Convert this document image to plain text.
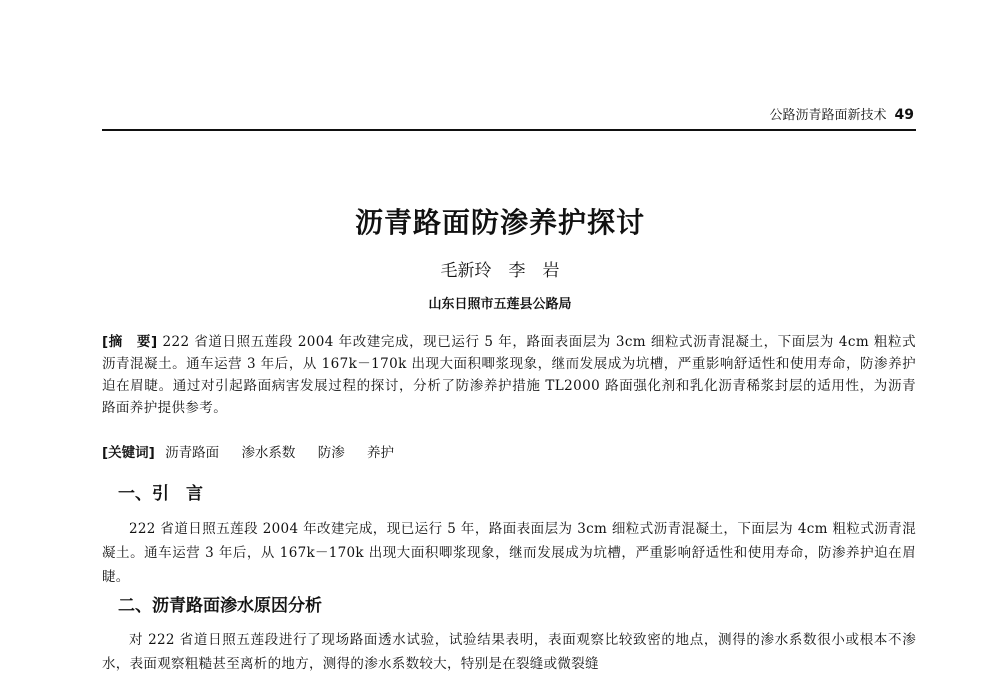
公路沥青路面新技术 49
沥青路面防渗养护探讨
毛新玲　李　岩
山东日照市五莲县公路局
[摘　要] 222 省道日照五莲段 2004 年改建完成，现已运行 5 年，路面表面层为 3cm 细粒式沥青混凝土，下面层为 4cm 粗粒式沥青混凝土。通车运营 3 年后，从 167k－170k 出现大面积唧浆现象，继而发展成为坑槽，严重影响舒适性和使用寿命，防渗养护迫在眉睫。通过对引起路面病害发展过程的探讨，分析了防渗养护措施 TL2000 路面强化剂和乳化沥青稀浆封层的适用性，为沥青路面养护提供参考。
[关键词] 沥青路面 渗水系数 防渗 养护
一、引　言
222 省道日照五莲段 2004 年改建完成，现已运行 5 年，路面表面层为 3cm 细粒式沥青混凝土，下面层为 4cm 粗粒式沥青混凝土。通车运营 3 年后，从 167k－170k 出现大面积唧浆现象，继而发展成为坑槽，严重影响舒适性和使用寿命，防渗养护迫在眉睫。
二、沥青路面渗水原因分析
对 222 省道日照五莲段进行了现场路面透水试验，试验结果表明，表面观察比较致密的地点，测得的渗水系数很小或根本不渗水，表面观察粗糙甚至离析的地方，测得的渗水系数较大，特别是在裂缝或微裂缝
